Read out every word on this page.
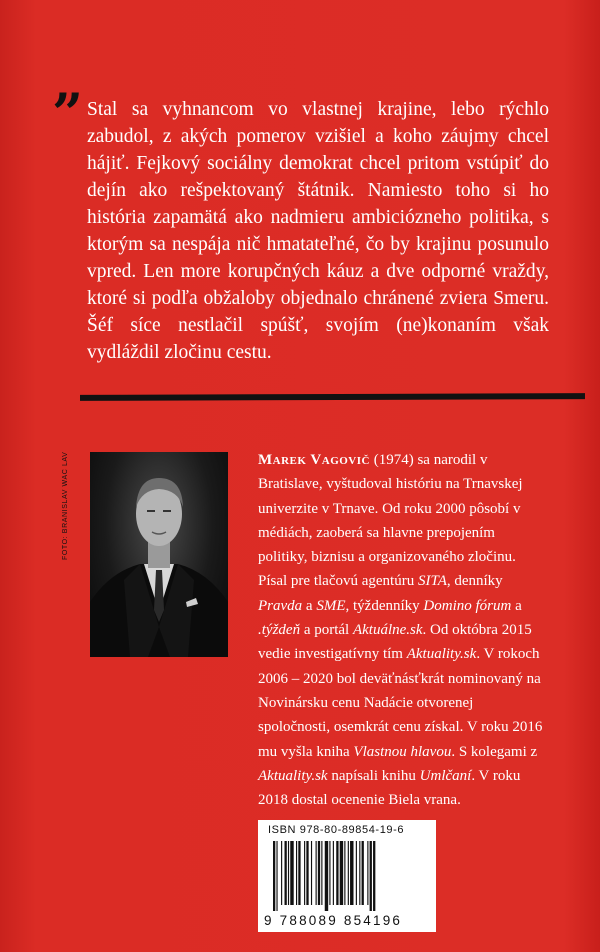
” Stal sa vyhnancom vo vlastnej krajine, lebo rýchlo zabudol, z akých pomerov vzišiel a koho záujmy chcel hájiť. Fejkový sociálny demokrat chcel pritom vstúpiť do dejín ako rešpektovaný štátnik. Namiesto toho si ho história zapamätá ako nadmieru ambiciózneho politika, s ktorým sa nespája nič hmatateľné, čo by krajinu posunulo vpred. Len more korupčných káuz a dve odporné vraždy, ktoré si podľa obžaloby objednalo chránené zviera Smeru. Šéf síce nestlačil spúšť, svojím (ne)konaním však vydláždil zločinu cestu.

FOTO: BRANISLAV WAC LAV	Marek Vagovič (1974) sa narodil v Bratislave, vyštudoval históriu na Trnavskej univerzite v Trnave. Od roku 2000 pôsobí v médiách, zaoberá sa hlavne prepojením politiky, biznisu a organizovaného zločinu. Písal pre tlačovú agentúru SITA, denníky Pravda a SME, týždenníky Domino fórum a .týždeň a portál Aktuálne.sk. Od októbra 2015 vedie investigatívny tím Aktuality.sk. V rokoch 2006 – 2020 bol deväťnásťkrát nominovaný na Novinársku cenu Nadácie otvorenej spoločnosti, osemkrát cenu získal. V roku 2016 mu vyšla kniha Vlastnou hlavou. S kolegami z Aktuality.sk napísali knihu Umlčaní. V roku 2018 dostal ocenenie Biela vrana.

ISBN 978-80-89854-19-6
9 788089 854196
